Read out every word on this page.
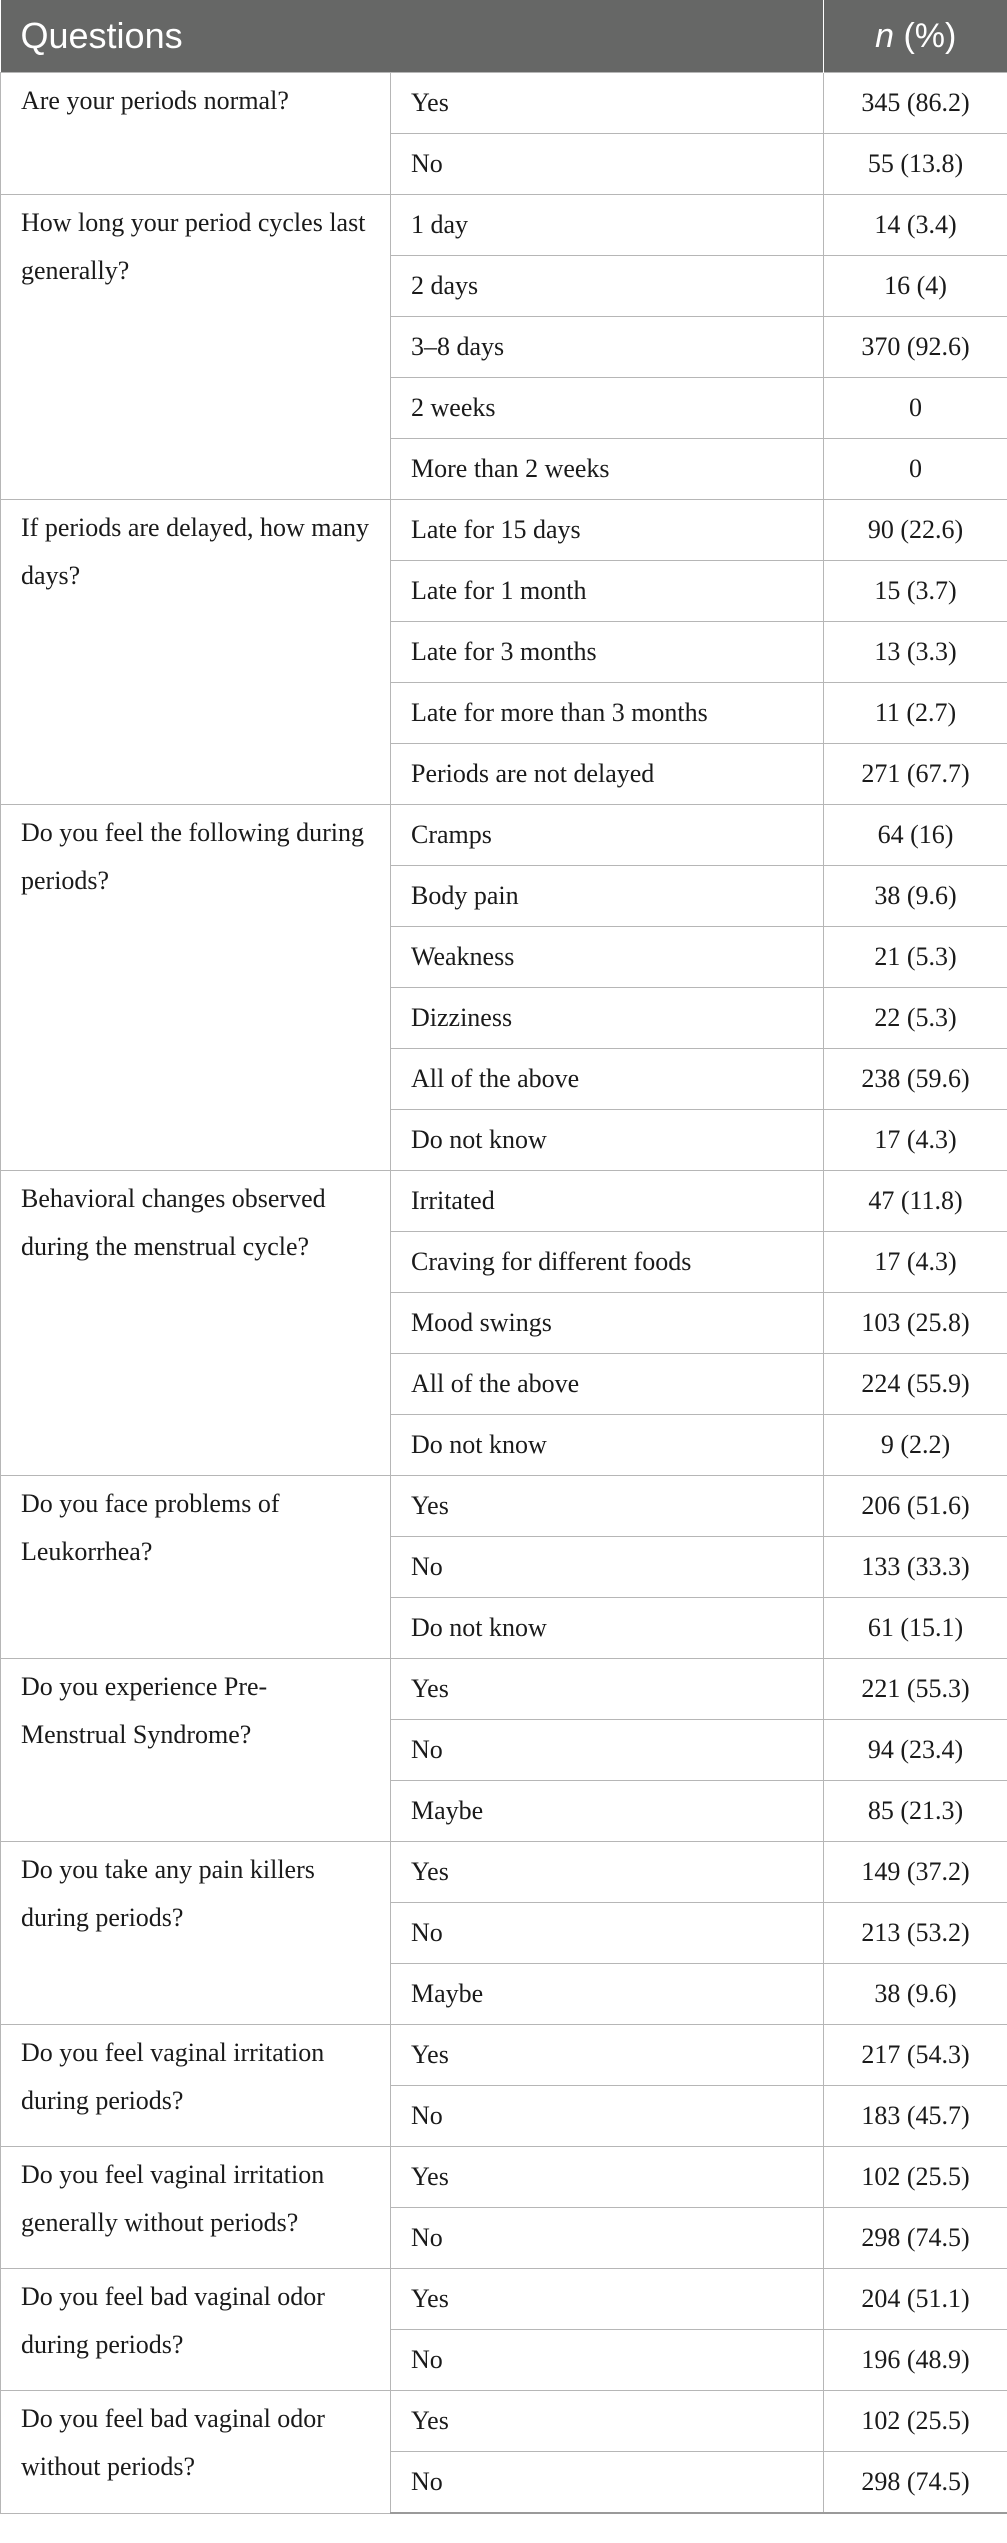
Questions		n (%)
Are your periods normal?	Yes	345 (86.2)
	No	55 (13.8)
How long your period cycles last generally?	1 day	14 (3.4)
	2 days	16 (4)
	3–8 days	370 (92.6)
	2 weeks	0
	More than 2 weeks	0
If periods are delayed, how many days?	Late for 15 days	90 (22.6)
	Late for 1 month	15 (3.7)
	Late for 3 months	13 (3.3)
	Late for more than 3 months	11 (2.7)
	Periods are not delayed	271 (67.7)
Do you feel the following during periods?	Cramps	64 (16)
	Body pain	38 (9.6)
	Weakness	21 (5.3)
	Dizziness	22 (5.3)
	All of the above	238 (59.6)
	Do not know	17 (4.3)
Behavioral changes observed during the menstrual cycle?	Irritated	47 (11.8)
	Craving for different foods	17 (4.3)
	Mood swings	103 (25.8)
	All of the above	224 (55.9)
	Do not know	9 (2.2)
Do you face problems of Leukorrhea?	Yes	206 (51.6)
	No	133 (33.3)
	Do not know	61 (15.1)
Do you experience Pre-Menstrual Syndrome?	Yes	221 (55.3)
	No	94 (23.4)
	Maybe	85 (21.3)
Do you take any pain killers during periods?	Yes	149 (37.2)
	No	213 (53.2)
	Maybe	38 (9.6)
Do you feel vaginal irritation during periods?	Yes	217 (54.3)
	No	183 (45.7)
Do you feel vaginal irritation generally without periods?	Yes	102 (25.5)
	No	298 (74.5)
Do you feel bad vaginal odor during periods?	Yes	204 (51.1)
	No	196 (48.9)
Do you feel bad vaginal odor without periods?	Yes	102 (25.5)
	No	298 (74.5)
